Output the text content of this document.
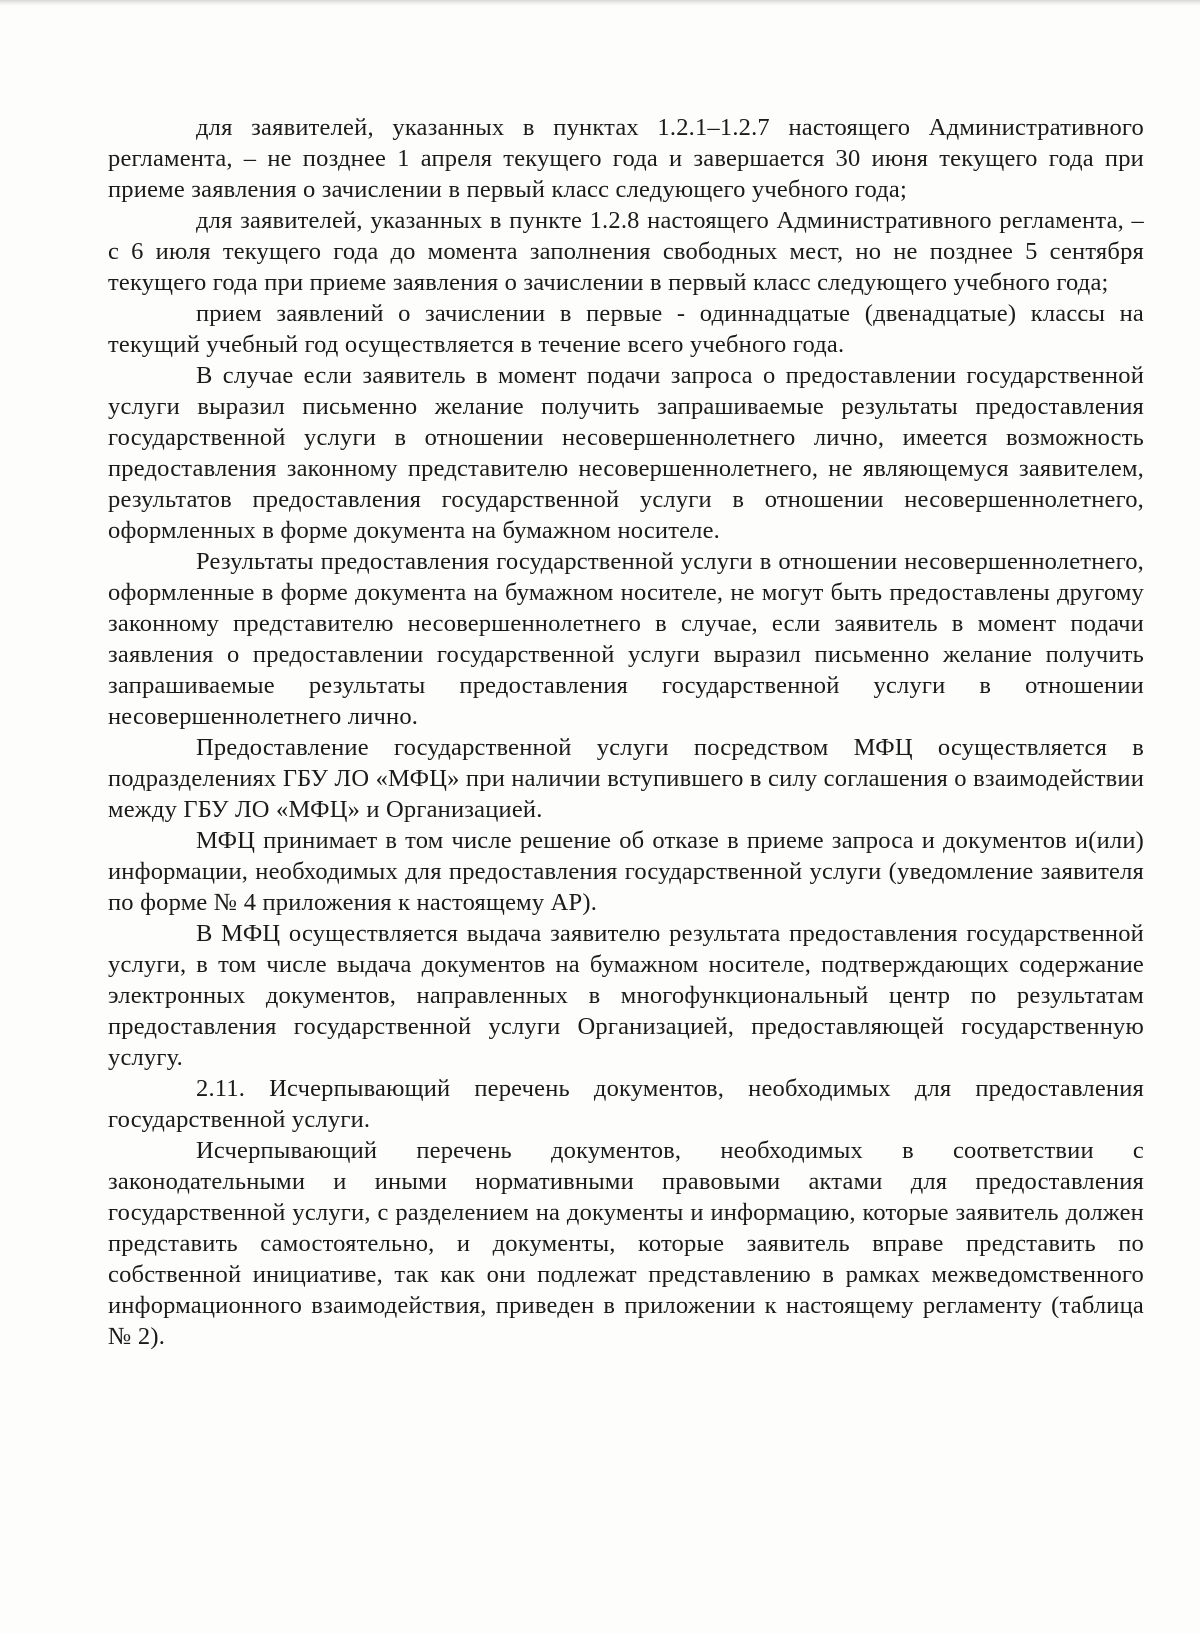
для заявителей, указанных в пунктах 1.2.1–1.2.7 настоящего Административного регламента, – не позднее 1 апреля текущего года и завершается 30 июня текущего года при приеме заявления о зачислении в первый класс следующего учебного года;

для заявителей, указанных в пункте 1.2.8 настоящего Административного регламента, – с 6 июля текущего года до момента заполнения свободных мест, но не позднее 5 сентября текущего года при приеме заявления о зачислении в первый класс следующего учебного года;

прием заявлений о зачислении в первые - одиннадцатые (двенадцатые) классы на текущий учебный год осуществляется в течение всего учебного года.

В случае если заявитель в момент подачи запроса о предоставлении государственной услуги выразил письменно желание получить запрашиваемые результаты предоставления государственной услуги в отношении несовершеннолетнего лично, имеется возможность предоставления законному представителю несовершеннолетнего, не являющемуся заявителем, результатов предоставления государственной услуги в отношении несовершеннолетнего, оформленных в форме документа на бумажном носителе.

Результаты предоставления государственной услуги в отношении несовершеннолетнего, оформленные в форме документа на бумажном носителе, не могут быть предоставлены другому законному представителю несовершеннолетнего в случае, если заявитель в момент подачи заявления о предоставлении государственной услуги выразил письменно желание получить запрашиваемые результаты предоставления государственной услуги в отношении несовершеннолетнего лично.

Предоставление государственной услуги посредством МФЦ осуществляется в подразделениях ГБУ ЛО «МФЦ» при наличии вступившего в силу соглашения о взаимодействии между ГБУ ЛО «МФЦ» и Организацией.

МФЦ принимает в том числе решение об отказе в приеме запроса и документов и(или) информации, необходимых для предоставления государственной услуги (уведомление заявителя по форме № 4 приложения к настоящему АР).

В МФЦ осуществляется выдача заявителю результата предоставления государственной услуги, в том числе выдача документов на бумажном носителе, подтверждающих содержание электронных документов, направленных в многофункциональный центр по результатам предоставления государственной услуги Организацией, предоставляющей государственную услугу.

2.11. Исчерпывающий перечень документов, необходимых для предоставления государственной услуги.

Исчерпывающий перечень документов, необходимых в соответствии с законодательными и иными нормативными правовыми актами для предоставления государственной услуги, с разделением на документы и информацию, которые заявитель должен представить самостоятельно, и документы, которые заявитель вправе представить по собственной инициативе, так как они подлежат представлению в рамках межведомственного информационного взаимодействия, приведен в приложении к настоящему регламенту (таблица № 2).
